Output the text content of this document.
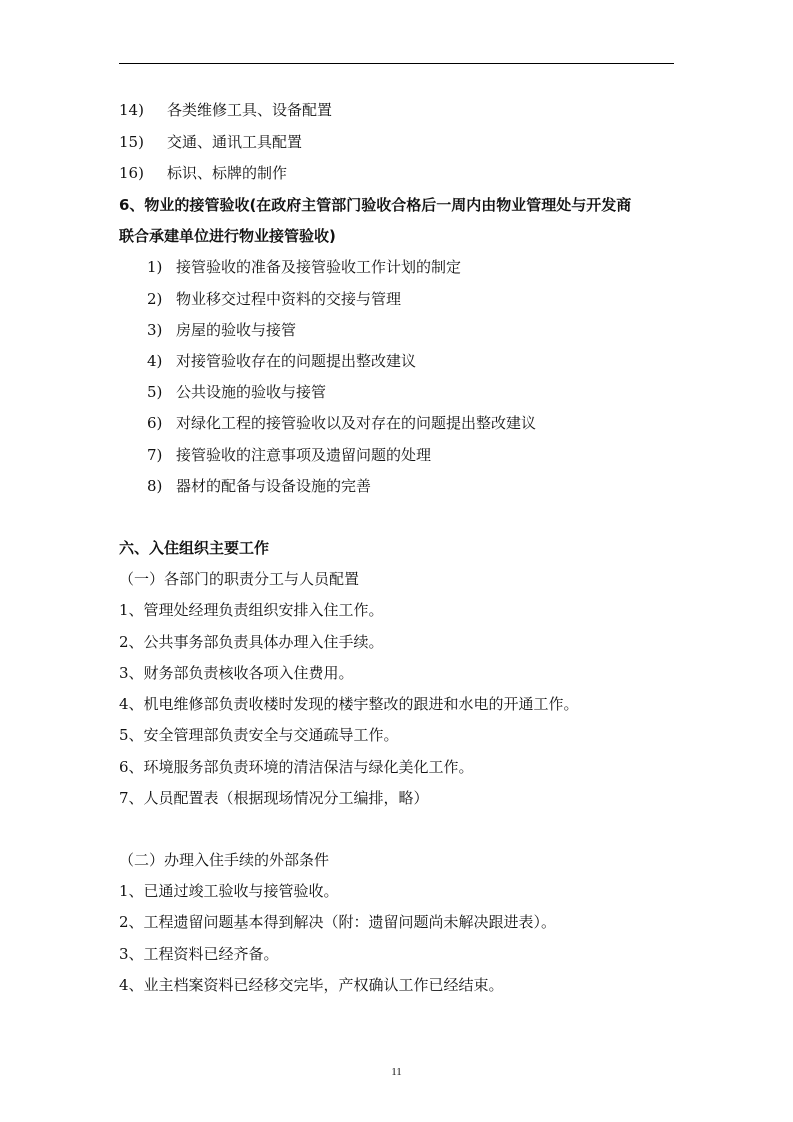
14) 各类维修工具、设备配置
15) 交通、通讯工具配置
16) 标识、标牌的制作
6、物业的接管验收(在政府主管部门验收合格后一周内由物业管理处与开发商
联合承建单位进行物业接管验收)
1) 接管验收的准备及接管验收工作计划的制定
2) 物业移交过程中资料的交接与管理
3) 房屋的验收与接管
4) 对接管验收存在的问题提出整改建议
5) 公共设施的验收与接管
6) 对绿化工程的接管验收以及对存在的问题提出整改建议
7) 接管验收的注意事项及遗留问题的处理
8) 器材的配备与设备设施的完善
六、入住组织主要工作
（一）各部门的职责分工与人员配置
1、管理处经理负责组织安排入住工作。
2、公共事务部负责具体办理入住手续。
3、财务部负责核收各项入住费用。
4、机电维修部负责收楼时发现的楼宇整改的跟进和水电的开通工作。
5、安全管理部负责安全与交通疏导工作。
6、环境服务部负责环境的清洁保洁与绿化美化工作。
7、人员配置表（根据现场情况分工编排，略）
（二）办理入住手续的外部条件
1、已通过竣工验收与接管验收。
2、工程遗留问题基本得到解决（附：遗留问题尚未解决跟进表）。
3、工程资料已经齐备。
4、业主档案资料已经移交完毕，产权确认工作已经结束。
11
